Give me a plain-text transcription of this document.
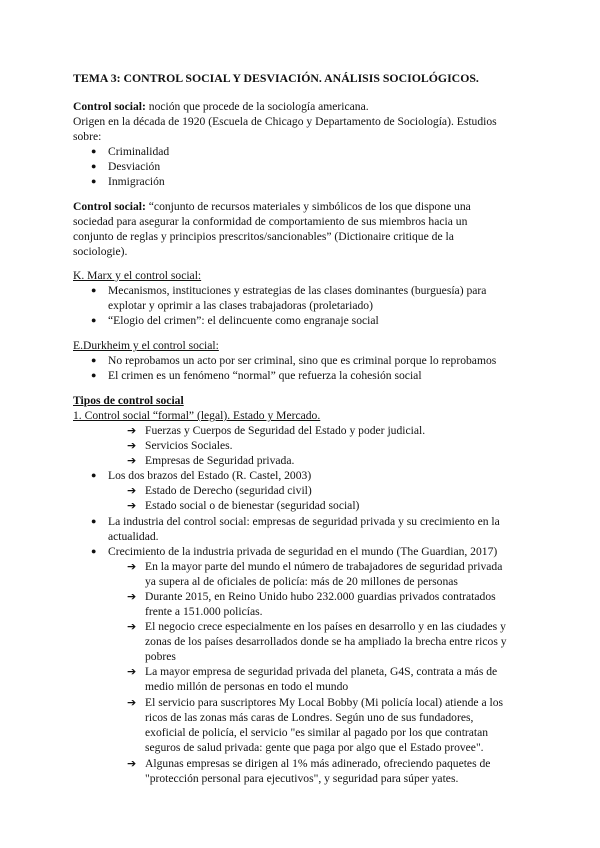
TEMA 3: CONTROL SOCIAL Y DESVIACIÓN. ANÁLISIS SOCIOLÓGICOS.
Control social: noción que procede de la sociología americana.
Origen en la década de 1920 (Escuela de Chicago y Departamento de Sociología). Estudios
sobre:
● Criminalidad
● Desviación
● Inmigración
Control social: “conjunto de recursos materiales y simbólicos de los que dispone una
sociedad para asegurar la conformidad de comportamiento de sus miembros hacia un
conjunto de reglas y principios prescritos/sancionables” (Dictionaire critique de la
sociologie).
K. Marx y el control social:
● Mecanismos, instituciones y estrategias de las clases dominantes (burguesía) para
explotar y oprimir a las clases trabajadoras (proletariado)
● “Elogio del crimen”: el delincuente como engranaje social
E.Durkheim y el control social:
● No reprobamos un acto por ser criminal, sino que es criminal porque lo reprobamos
● El crimen es un fenómeno “normal” que refuerza la cohesión social
Tipos de control social
1. Control social “formal” (legal). Estado y Mercado.
➔ Fuerzas y Cuerpos de Seguridad del Estado y poder judicial.
➔ Servicios Sociales.
➔ Empresas de Seguridad privada.
● Los dos brazos del Estado (R. Castel, 2003)
➔ Estado de Derecho (seguridad civil)
➔ Estado social o de bienestar (seguridad social)
● La industria del control social: empresas de seguridad privada y su crecimiento en la
actualidad.
● Crecimiento de la industria privada de seguridad en el mundo (The Guardian, 2017)
➔ En la mayor parte del mundo el número de trabajadores de seguridad privada
ya supera al de oficiales de policía: más de 20 millones de personas
➔ Durante 2015, en Reino Unido hubo 232.000 guardias privados contratados
frente a 151.000 policías.
➔ El negocio crece especialmente en los países en desarrollo y en las ciudades y
zonas de los países desarrollados donde se ha ampliado la brecha entre ricos y
pobres
➔ La mayor empresa de seguridad privada del planeta, G4S, contrata a más de
medio millón de personas en todo el mundo
➔ El servicio para suscriptores My Local Bobby (Mi policía local) atiende a los
ricos de las zonas más caras de Londres. Según uno de sus fundadores,
exoficial de policía, el servicio "es similar al pagado por los que contratan
seguros de salud privada: gente que paga por algo que el Estado provee".
➔ Algunas empresas se dirigen al 1% más adinerado, ofreciendo paquetes de
"protección personal para ejecutivos", y seguridad para súper yates.
